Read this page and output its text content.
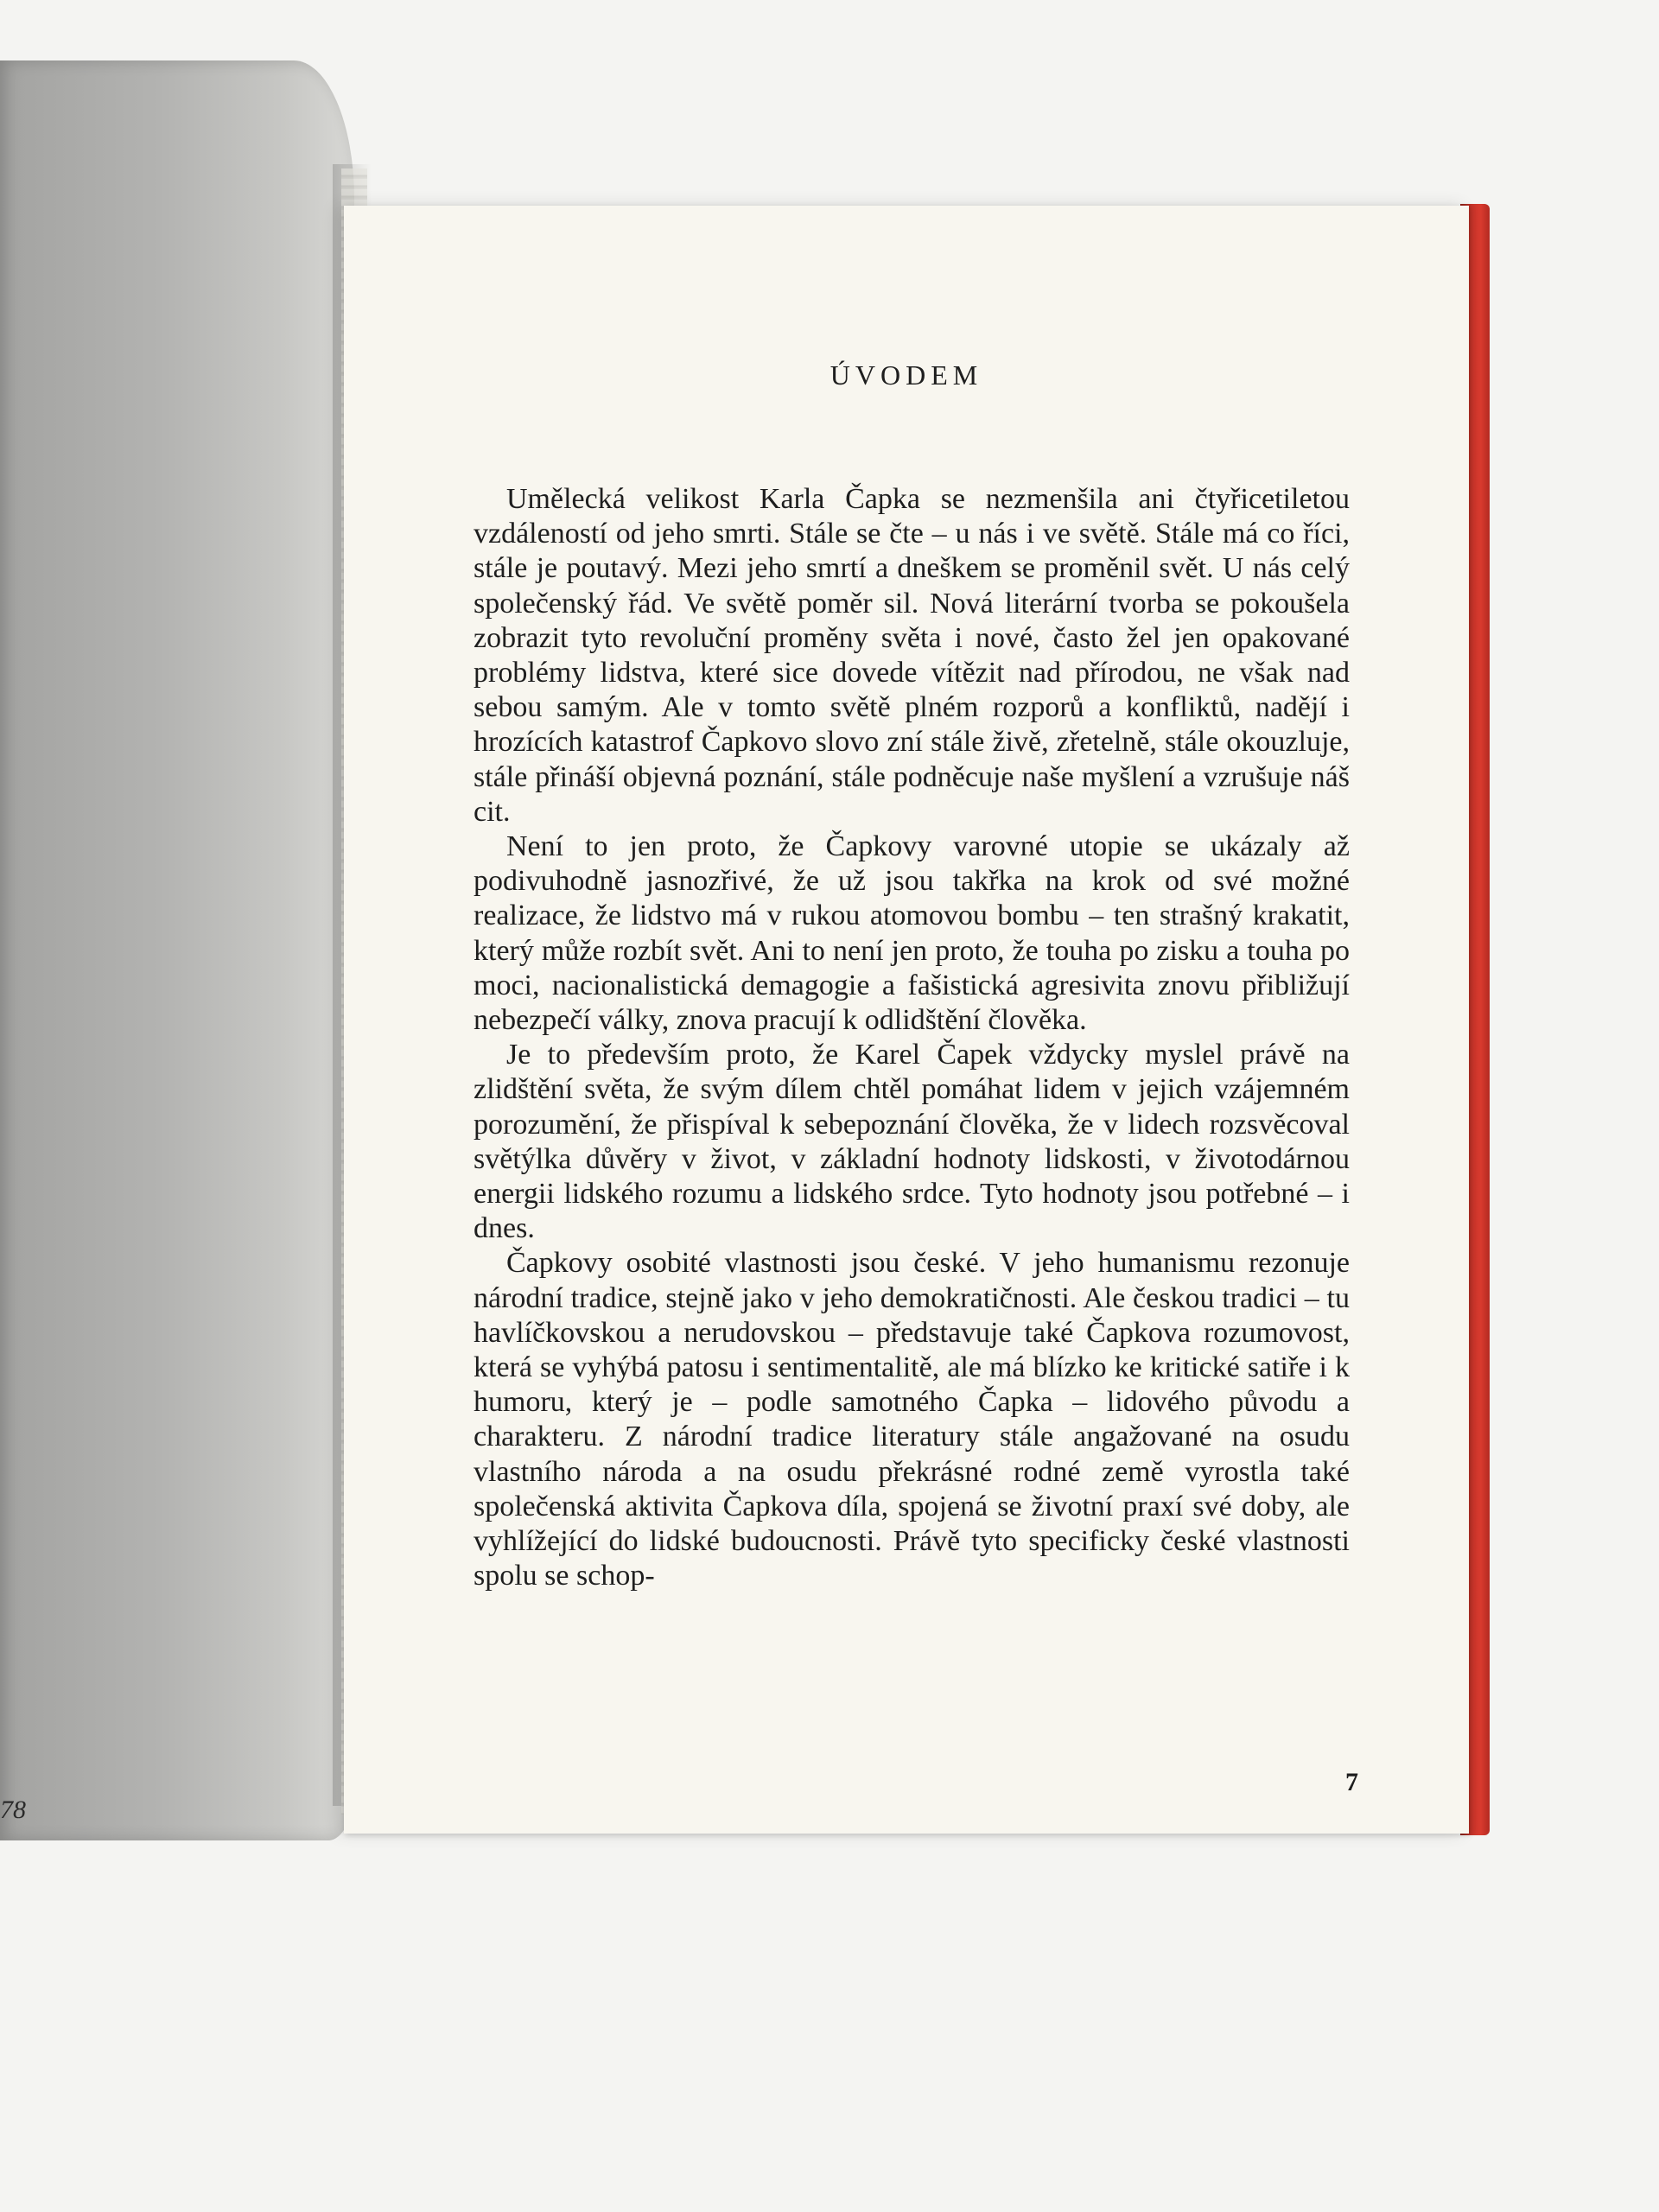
78
ÚVODEM

Umělecká velikost Karla Čapka se nezmenšila ani čtyřicetiletou vzdáleností od jeho smrti. Stále se čte – u nás i ve světě. Stále má co říci, stále je poutavý. Mezi jeho smrtí a dneškem se proměnil svět. U nás celý společenský řád. Ve světě poměr sil. Nová literární tvorba se pokoušela zobrazit tyto revoluční proměny světa i nové, často žel jen opakované problémy lidstva, které sice dovede vítězit nad přírodou, ne však nad sebou samým. Ale v tomto světě plném rozporů a konfliktů, nadějí i hrozících katastrof Čapkovo slovo zní stále živě, zřetelně, stále okouzluje, stále přináší objevná poznání, stále podněcuje naše myšlení a vzrušuje náš cit.

Není to jen proto, že Čapkovy varovné utopie se ukázaly až podivuhodně jasnozřivé, že už jsou takřka na krok od své možné realizace, že lidstvo má v rukou atomovou bombu – ten strašný krakatit, který může rozbít svět. Ani to není jen proto, že touha po zisku a touha po moci, nacionalistická demagogie a fašistická agresivita znovu přibližují nebezpečí války, znova pracují k odlidštění člověka.

Je to především proto, že Karel Čapek vždycky myslel právě na zlidštění světa, že svým dílem chtěl pomáhat lidem v jejich vzájemném porozumění, že přispíval k sebepoznání člověka, že v lidech rozsvěcoval světýlka důvěry v život, v základní hodnoty lidskosti, v životodárnou energii lidského rozumu a lidského srdce. Tyto hodnoty jsou potřebné – i dnes.

Čapkovy osobité vlastnosti jsou české. V jeho humanismu rezonuje národní tradice, stejně jako v jeho demokratičnosti. Ale českou tradici – tu havlíčkovskou a nerudovskou – představuje také Čapkova rozumovost, která se vyhýbá patosu i sentimentalitě, ale má blízko ke kritické satiře i k humoru, který je – podle samotného Čapka – lidového původu a charakteru. Z národní tradice literatury stále angažované na osudu vlastního národa a na osudu překrásné rodné země vyrostla také společenská aktivita Čapkova díla, spojená se životní praxí své doby, ale vyhlížející do lidské budoucnosti. Právě tyto specificky české vlastnosti spolu se schop-

7
